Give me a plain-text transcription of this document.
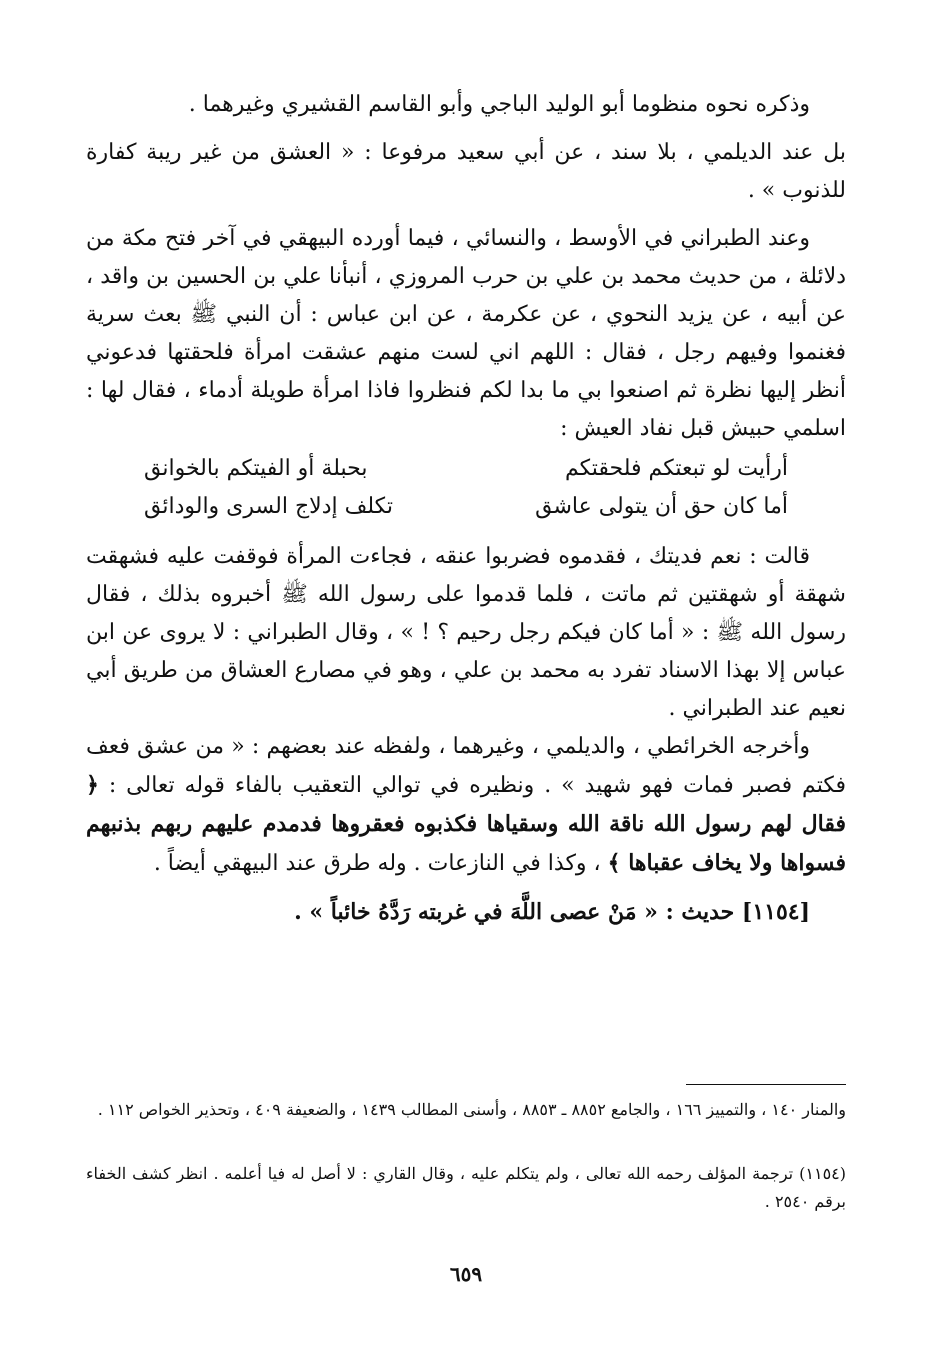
وذكره نحوه منظوما أبو الوليد الباجي وأبو القاسم القشيري وغيرهما .

بل عند الديلمي ، بلا سند ، عن أبي سعيد مرفوعا : « العشق من غير ريبة كفارة للذنوب » .

وعند الطبراني في الأوسط ، والنسائي ، فيما أورده البيهقي في آخر فتح مكة من دلائلة ، من حديث محمد بن علي بن حرب المروزي ، أنبأنا علي بن الحسين بن واقد ، عن أبيه ، عن يزيد النحوي ، عن عكرمة ، عن ابن عباس : أن النبي ﷺ بعث سرية فغنموا وفيهم رجل ، فقال : اللهم اني لست منهم عشقت امرأة فلحقتها فدعوني أنظر إليها نظرة ثم اصنعوا بي ما بدا لكم فنظروا فاذا امرأة طويلة أدماء ، فقال لها : اسلمي حبيش قبل نفاد العيش :

أرأيت لو تبعتكم فلحقتكم
بحبلة أو الفيتكم بالخوانق
أما كان حق أن يتولى عاشق
تكلف إدلاج السرى والودائق

قالت : نعم فديتك ، فقدموه فضربوا عنقه ، فجاءت المرأة فوقفت عليه فشهقت شهقة أو شهقتين ثم ماتت ، فلما قدموا على رسول الله ﷺ أخبروه بذلك ، فقال رسول الله ﷺ : « أما كان فيكم رجل رحيم ؟ ! » ، وقال الطبراني : لا يروى عن ابن عباس إلا بهذا الاسناد تفرد به محمد بن علي ، وهو في مصارع العشاق من طريق أبي نعيم عند الطبراني .

وأخرجه الخرائطي ، والديلمي ، وغيرهما ، ولفظه عند بعضهم : « من عشق فعف فكتم فصبر فمات فهو شهيد » . ونظيره في توالي التعقيب بالفاء قوله تعالى : ﴿ فقال لهم رسول الله ناقة الله وسقياها فكذبوه فعقروها فدمدم عليهم ربهم بذنبهم فسواها ولا يخاف عقباها ﴾ ، وكذا في النازعات . وله طرق عند البيهقي أيضاً .

[١١٥٤] حديث : « مَنْ عصى اللَّهَ في غربته رَدَّهُ خائباً » .

والمنار ١٤٠ ، والتمييز ١٦٦ ، والجامع ٨٨٥٢ ـ ٨٨٥٣ ، وأسنى المطالب ١٤٣٩ ، والضعيفة ٤٠٩ ، وتحذير الخواص ١١٢ .

(١١٥٤) ترجمة المؤلف رحمه الله تعالى ، ولم يتكلم عليه ، وقال القاري : لا أصل له فيا أعلمه . انظر كشف الخفاء برقم ٢٥٤٠ .

٦٥٩
